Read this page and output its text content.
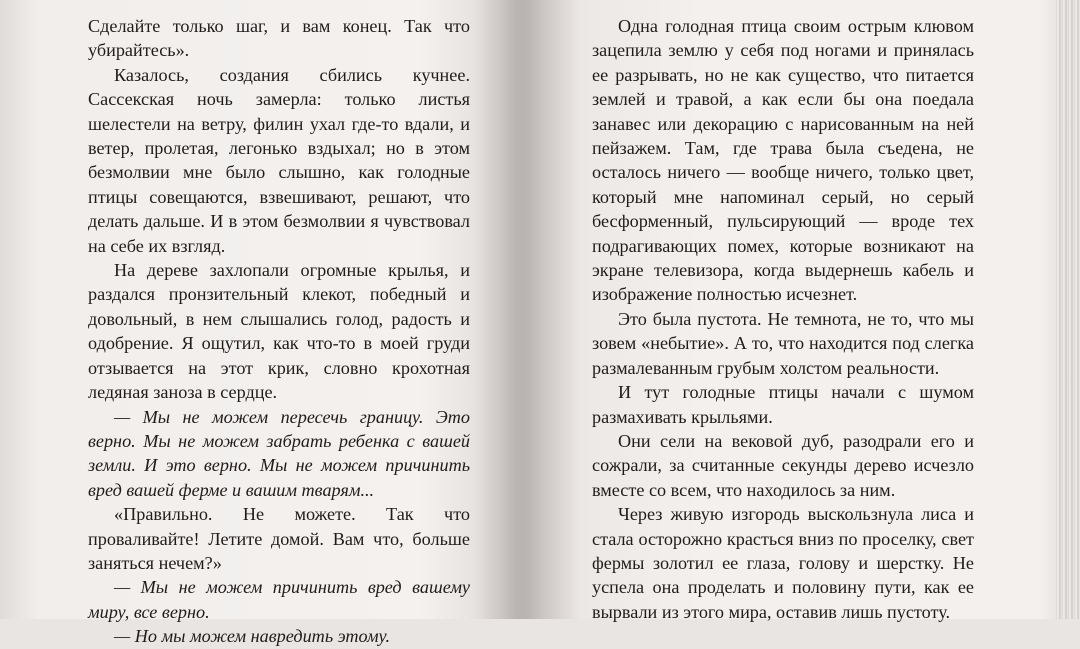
Сделайте только шаг, и вам конец. Так что убирайтесь».

Казалось, создания сбились кучнее. Сассекская ночь замерла: только листья шелестели на ветру, филин ухал где-то вдали, и ветер, пролетая, легонько вздыхал; но в этом безмолвии мне было слышно, как голодные птицы совещаются, взвешивают, решают, что делать дальше. И в этом безмолвии я чувствовал на себе их взгляд.

На дереве захлопали огромные крылья, и раздался пронзительный клекот, победный и довольный, в нем слышались голод, радость и одобрение. Я ощутил, как что-то в моей груди отзывается на этот крик, словно крохотная ледяная заноза в сердце.

— Мы не можем пересечь границу. Это верно. Мы не можем забрать ребенка с вашей земли. И это верно. Мы не можем причинить вред вашей ферме и вашим тварям...

«Правильно. Не можете. Так что проваливайте! Летите домой. Вам что, больше заняться нечем?»

— Мы не можем причинить вред вашему миру, все верно.

— Но мы можем навредить этому.

Одна голодная птица своим острым клювом зацепила землю у себя под ногами и принялась ее разрывать, но не как существо, что питается землей и травой, а как если бы она поедала занавес или декорацию с нарисованным на ней пейзажем. Там, где трава была съедена, не осталось ничего — вообще ничего, только цвет, который мне напоминал серый, но серый бесформенный, пульсирующий — вроде тех подрагивающих помех, которые возникают на экране телевизора, когда выдернешь кабель и изображение полностью исчезнет.

Это была пустота. Не темнота, не то, что мы зовем «небытие». А то, что находится под слегка размалеванным грубым холстом реальности.

И тут голодные птицы начали с шумом размахивать крыльями.

Они сели на вековой дуб, разодрали его и сожрали, за считанные секунды дерево исчезло вместе со всем, что находилось за ним.

Через живую изгородь выскользнула лиса и стала осторожно красться вниз по проселку, свет фермы золотил ее глаза, голову и шерстку. Не успела она проделать и половину пути, как ее вырвали из этого мира, оставив лишь пустоту.
